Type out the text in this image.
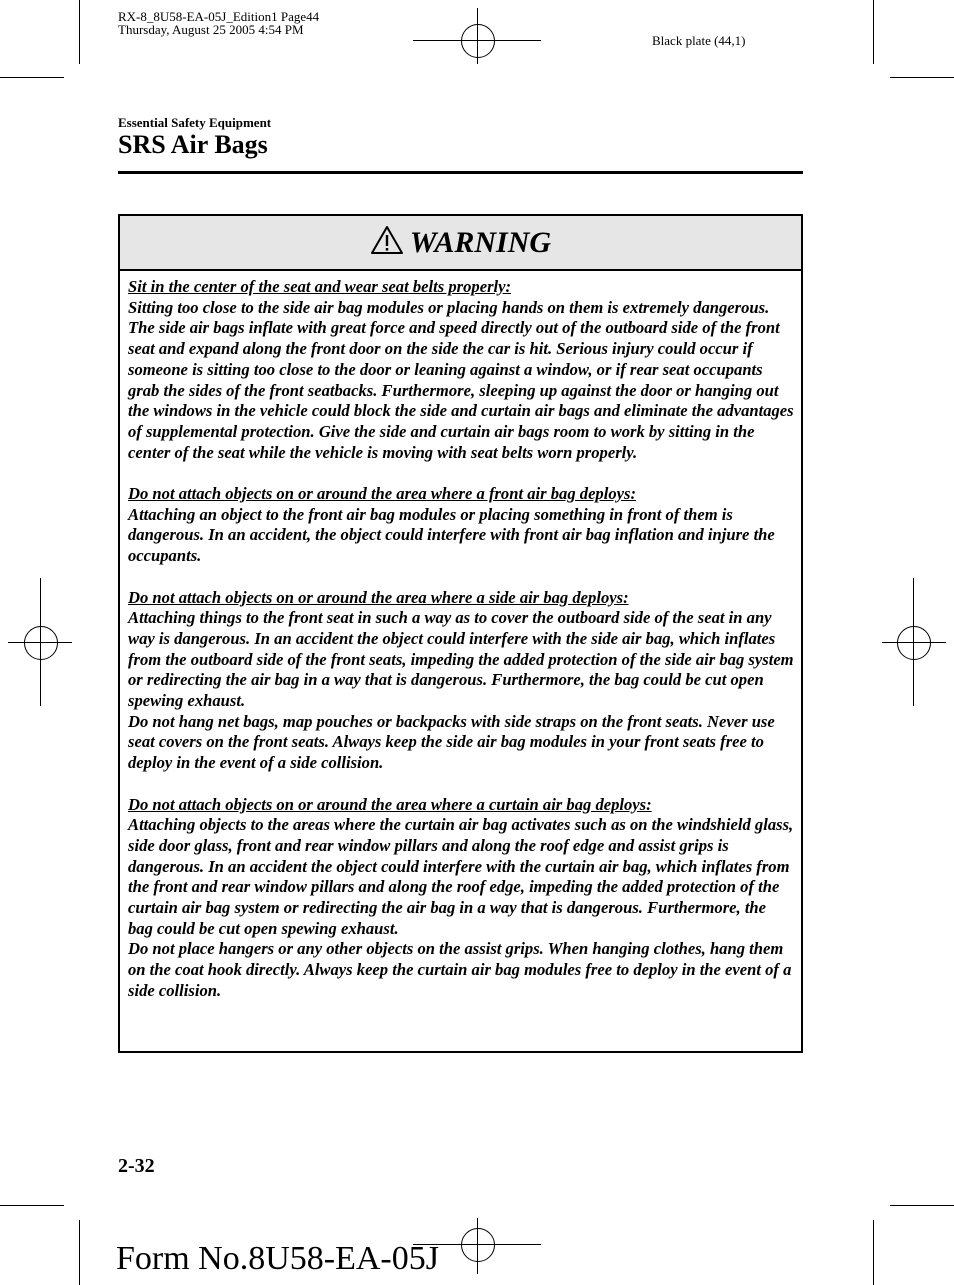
RX-8_8U58-EA-05J_Edition1 Page44
Thursday, August 25 2005 4:54 PM
Black plate (44,1)
Essential Safety Equipment
SRS Air Bags
WARNING

Sit in the center of the seat and wear seat belts properly:

Sitting too close to the side air bag modules or placing hands on them is extremely dangerous. The side air bags inflate with great force and speed directly out of the outboard side of the front seat and expand along the front door on the side the car is hit. Serious injury could occur if someone is sitting too close to the door or leaning against a window, or if rear seat occupants grab the sides of the front seatbacks. Furthermore, sleeping up against the door or hanging out the windows in the vehicle could block the side and curtain air bags and eliminate the advantages of supplemental protection. Give the side and curtain air bags room to work by sitting in the center of the seat while the vehicle is moving with seat belts worn properly.

Do not attach objects on or around the area where a front air bag deploys:

Attaching an object to the front air bag modules or placing something in front of them is dangerous. In an accident, the object could interfere with front air bag inflation and injure the occupants.

Do not attach objects on or around the area where a side air bag deploys:

Attaching things to the front seat in such a way as to cover the outboard side of the seat in any way is dangerous. In an accident the object could interfere with the side air bag, which inflates from the outboard side of the front seats, impeding the added protection of the side air bag system or redirecting the air bag in a way that is dangerous. Furthermore, the bag could be cut open spewing exhaust.

Do not hang net bags, map pouches or backpacks with side straps on the front seats. Never use seat covers on the front seats. Always keep the side air bag modules in your front seats free to deploy in the event of a side collision.

Do not attach objects on or around the area where a curtain air bag deploys:

Attaching objects to the areas where the curtain air bag activates such as on the windshield glass, side door glass, front and rear window pillars and along the roof edge and assist grips is dangerous. In an accident the object could interfere with the curtain air bag, which inflates from the front and rear window pillars and along the roof edge, impeding the added protection of the curtain air bag system or redirecting the air bag in a way that is dangerous. Furthermore, the bag could be cut open spewing exhaust.

Do not place hangers or any other objects on the assist grips. When hanging clothes, hang them on the coat hook directly. Always keep the curtain air bag modules free to deploy in the event of a side collision.

2-32
Form No.8U58-EA-05J
